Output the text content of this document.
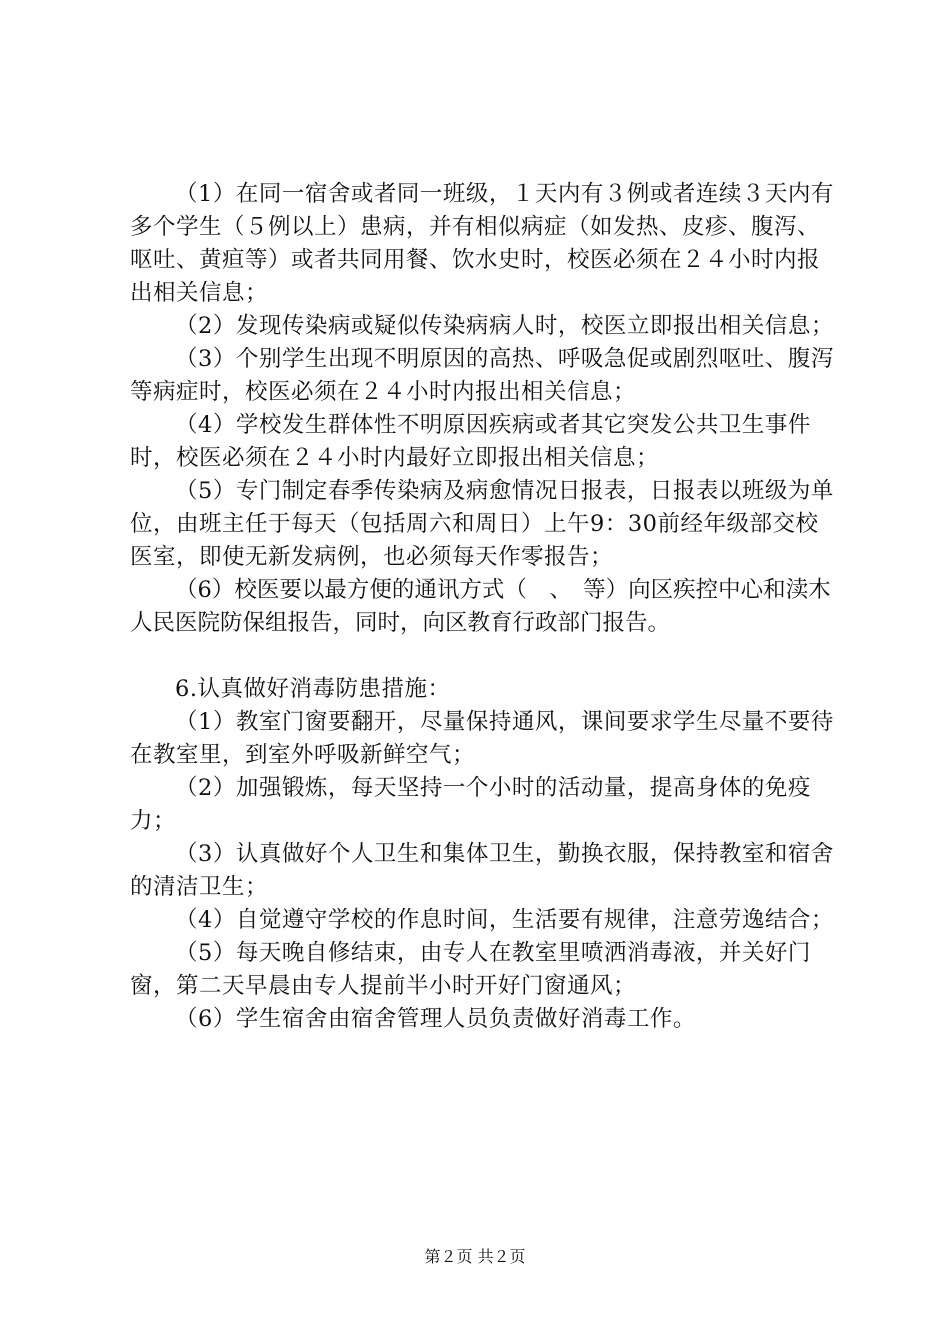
（1）在同一宿舍或者同一班级，１天内有３例或者连续３天内有多个学生（５例以上）患病，并有相似病症（如发热、皮疹、腹泻、呕吐、黄疸等）或者共同用餐、饮水史时，校医必须在２４小时内报出相关信息；

（2）发现传染病或疑似传染病病人时，校医立即报出相关信息；

（3）个别学生出现不明原因的高热、呼吸急促或剧烈呕吐、腹泻等病症时，校医必须在２４小时内报出相关信息；

（4）学校发生群体性不明原因疾病或者其它突发公共卫生事件时，校医必须在２４小时内最好立即报出相关信息；

（5）专门制定春季传染病及病愈情况日报表，日报表以班级为单位，由班主任于每天（包括周六和周日）上午9：30前经年级部交校医室，即使无新发病例，也必须每天作零报告；

（6）校医要以最方便的通讯方式（　、　等）向区疾控中心和渎木人民医院防保组报告，同时，向区教育行政部门报告。

6.认真做好消毒防患措施：

（1）教室门窗要翻开，尽量保持通风，课间要求学生尽量不要待在教室里，到室外呼吸新鲜空气；

（2）加强锻炼，每天坚持一个小时的活动量，提高身体的免疫力；

（3）认真做好个人卫生和集体卫生，勤换衣服，保持教室和宿舍的清洁卫生；

（4）自觉遵守学校的作息时间，生活要有规律，注意劳逸结合；

（5）每天晚自修结束，由专人在教室里喷洒消毒液，并关好门窗，第二天早晨由专人提前半小时开好门窗通风；

（6）学生宿舍由宿舍管理人员负责做好消毒工作。

第２页 共２页
